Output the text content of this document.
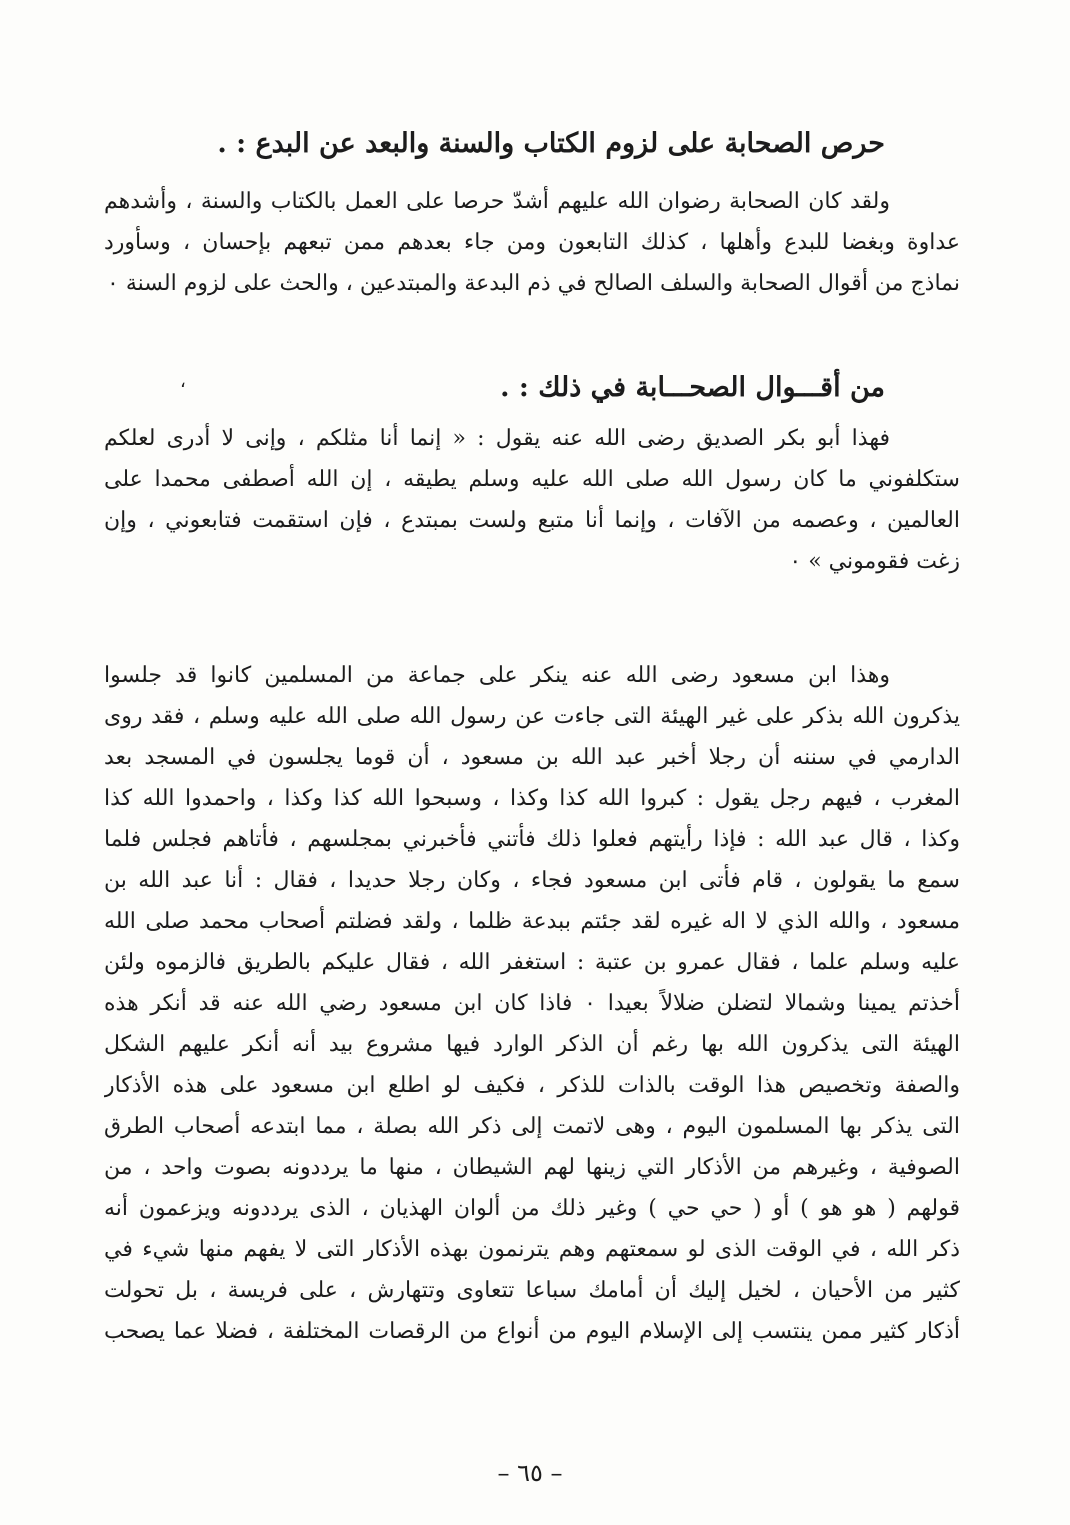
حرص الصحابة على لزوم الكتاب والسنة والبعد عن البدع : .
ولقد كان الصحابة رضوان الله عليهم أشدّ حرصا على العمل بالكتاب والسنة ، وأشدهم
عداوة وبغضا للبدع وأهلها ، كذلك التابعون ومن جاء بعدهم ممن تبعهم بإحسان ، وسأورد
نماذج من أقوال الصحابة والسلف الصالح في ذم البدعة والمبتدعين ، والحث على لزوم السنة ٠
من أقـــوال الصحـــابة في ذلك : .
،
فهذا أبو بكر الصديق رضى الله عنه يقول : « إنما أنا مثلكم ، وإنى لا أدرى لعلكم
ستكلفوني ما كان رسول الله صلى الله عليه وسلم يطيقه ، إن الله أصطفى محمدا على
العالمين ، وعصمه من الآفات ، وإنما أنا متبع ولست بمبتدع ، فإن استقمت فتابعوني ، وإن
زغت فقوموني » ٠
وهذا ابن مسعود رضى الله عنه ينكر على جماعة من المسلمين كانوا قد جلسوا
يذكرون الله بذكر على غير الهيئة التى جاءت عن رسول الله صلى الله عليه وسلم ، فقد روى
الدارمي في سننه أن رجلا أخبر عبد الله بن مسعود ، أن قوما يجلسون في المسجد بعد
المغرب ، فيهم رجل يقول : كبروا الله كذا وكذا ، وسبحوا الله كذا وكذا ، واحمدوا الله كذا
وكذا ، قال عبد الله : فإذا رأيتهم فعلوا ذلك فأتني فأخبرني بمجلسهم ، فأتاهم فجلس فلما
سمع ما يقولون ، قام فأتى ابن مسعود فجاء ، وكان رجلا حديدا ، فقال : أنا عبد الله بن
مسعود ، والله الذي لا اله غيره لقد جئتم ببدعة ظلما ، ولقد فضلتم أصحاب محمد صلى الله
عليه وسلم علما ، فقال عمرو بن عتبة : استغفر الله ، فقال عليكم بالطريق فالزموه ولئن
أخذتم يمينا وشمالا لتضلن ضلالاً بعيدا ٠ فاذا كان ابن مسعود رضي الله عنه قد أنكر هذه
الهيئة التى يذكرون الله بها رغم أن الذكر الوارد فيها مشروع بيد أنه أنكر عليهم الشكل
والصفة وتخصيص هذا الوقت بالذات للذكر ، فكيف لو اطلع ابن مسعود على هذه الأذكار
التى يذكر بها المسلمون اليوم ، وهى لاتمت إلى ذكر الله بصلة ، مما ابتدعه أصحاب الطرق
الصوفية ، وغيرهم من الأذكار التي زينها لهم الشيطان ، منها ما يرددونه بصوت واحد ، من
قولهم ( هو هو ) أو ( حي حي ) وغير ذلك من ألوان الهذيان ، الذى يرددونه ويزعمون أنه
ذكر الله ، في الوقت الذى لو سمعتهم وهم يترنمون بهذه الأذكار التى لا يفهم منها شيء في
كثير من الأحيان ، لخيل إليك أن أمامك سباعا تتعاوى وتتهارش ، على فريسة ، بل تحولت
أذكار كثير ممن ينتسب إلى الإسلام اليوم من أنواع من الرقصات المختلفة ، فضلا عما يصحب
– ٦٥ –
